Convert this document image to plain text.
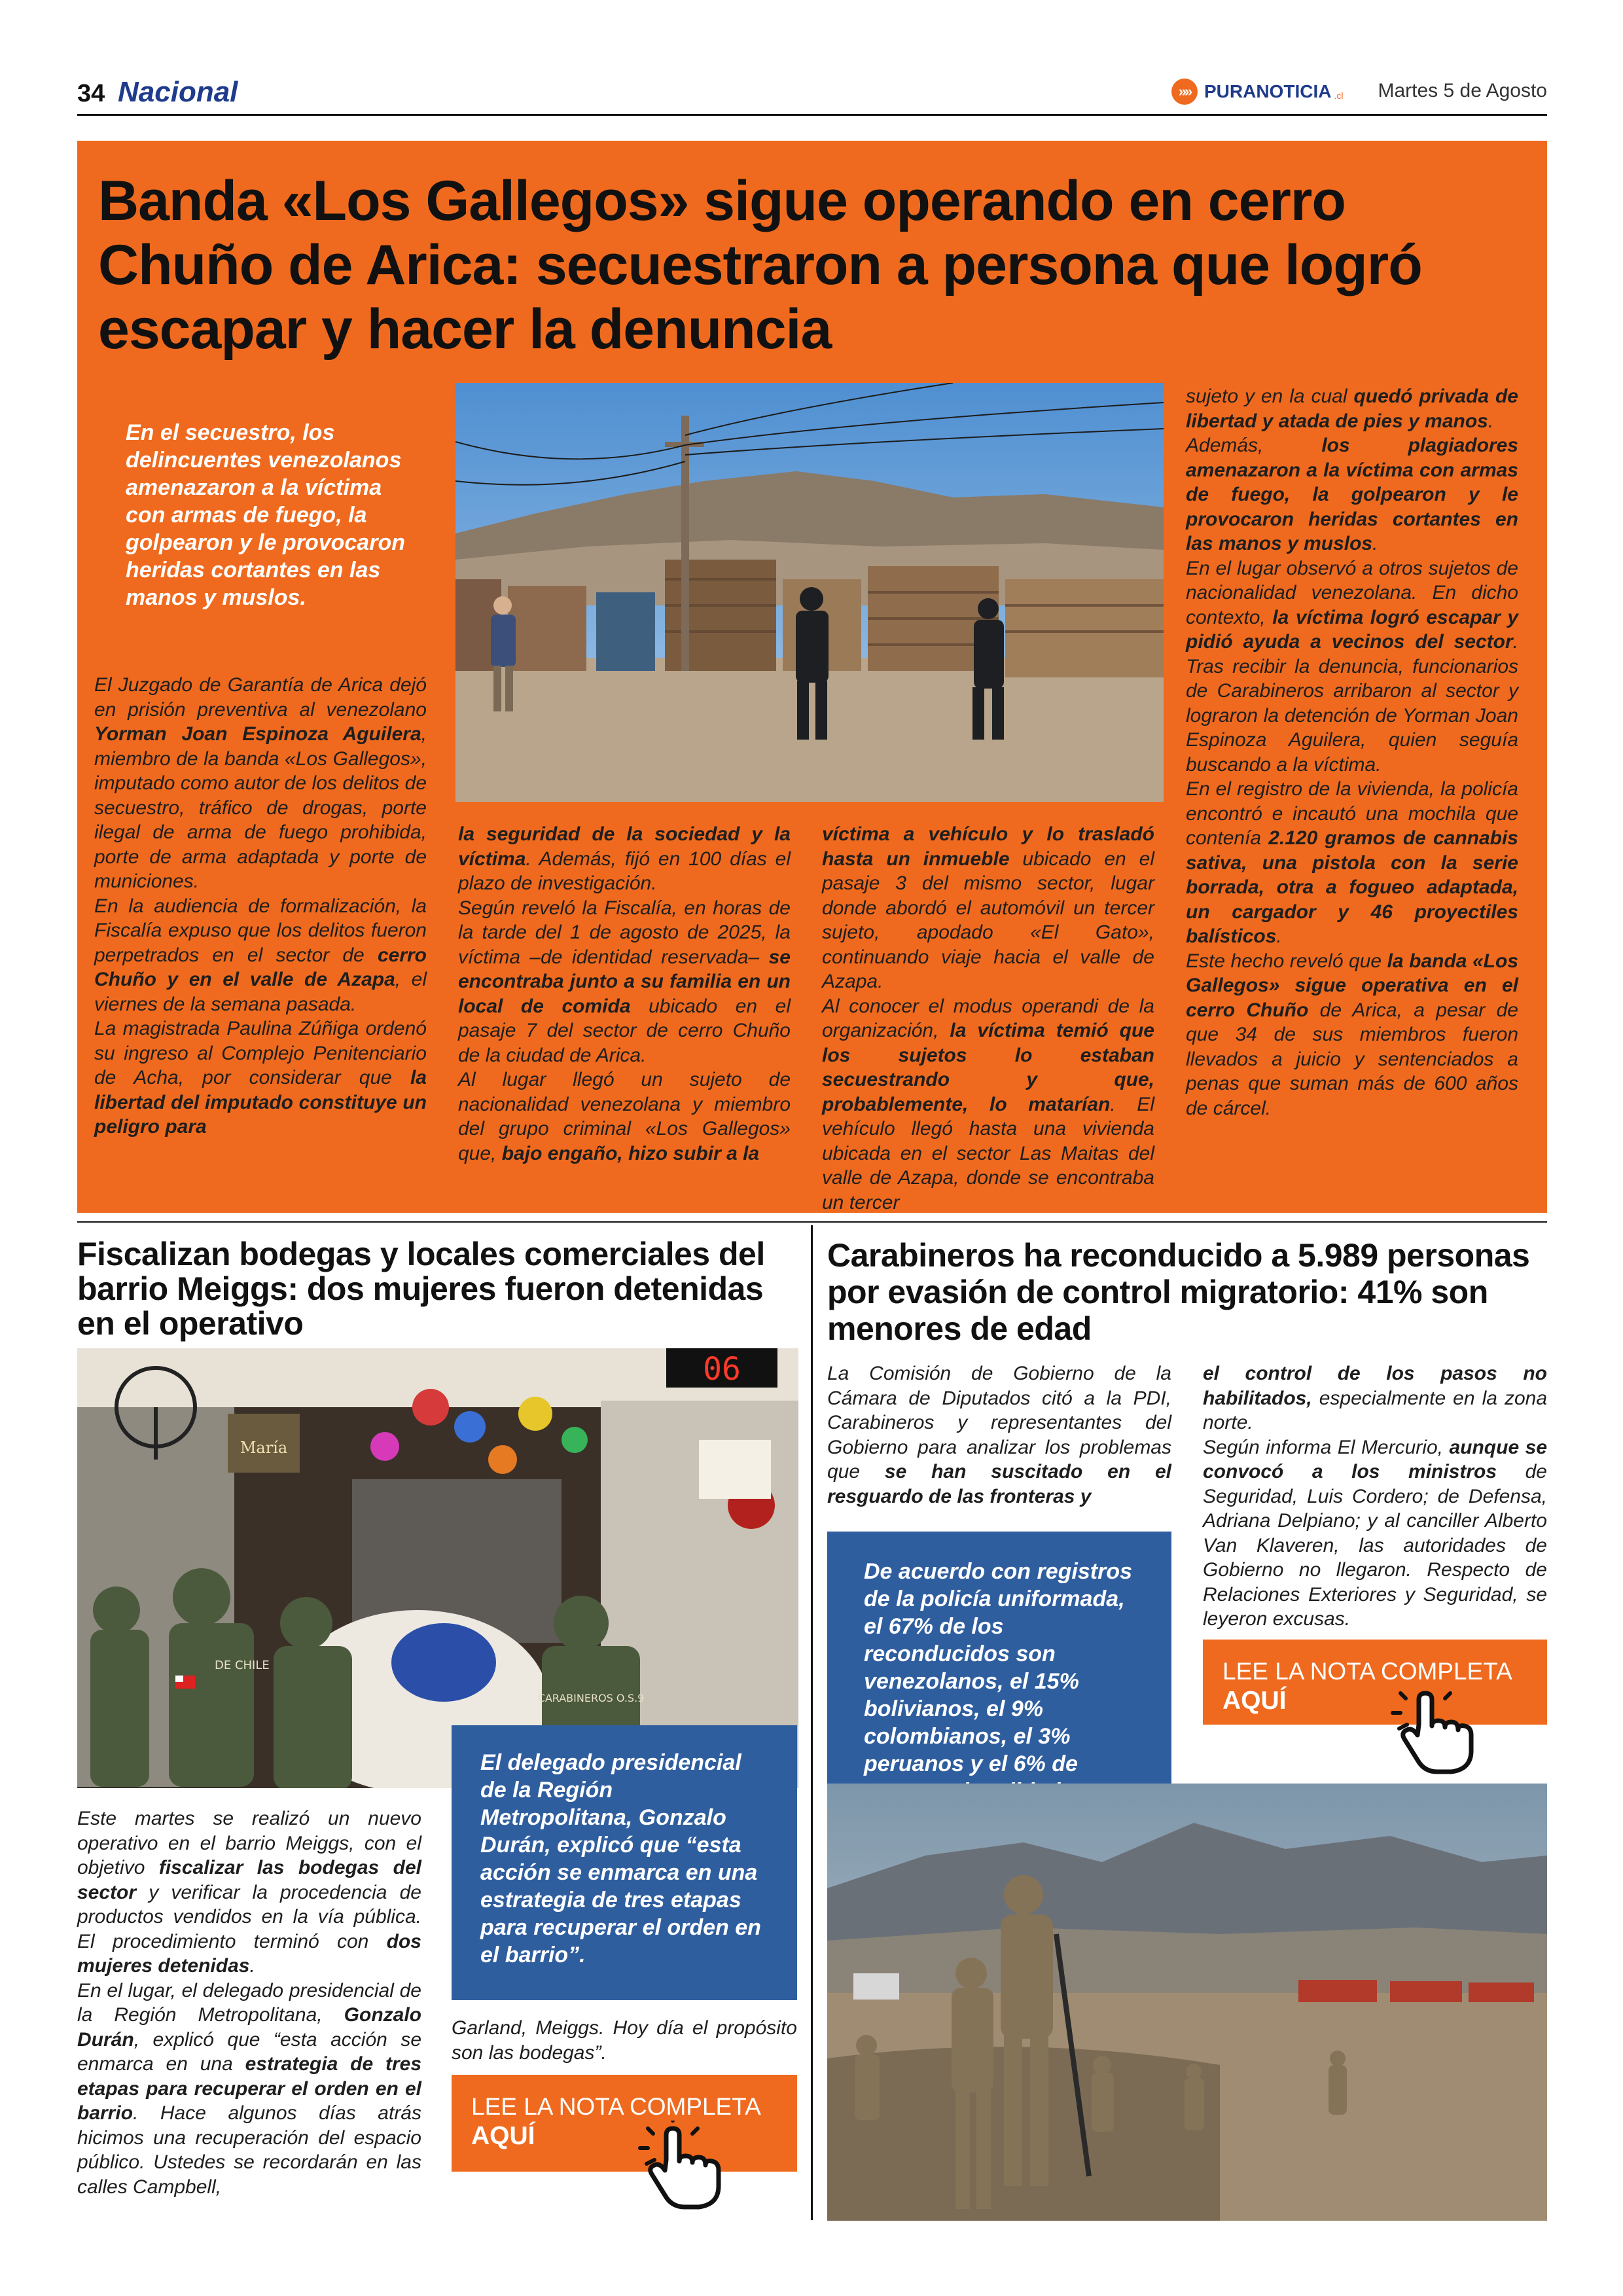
34 Nacional	»» PURANOTICIA .cl Martes 5 de Agosto
Banda «Los Gallegos» sigue operando en cerro Chuño de Arica: secuestraron a persona que logró escapar y hacer la denuncia

En el secuestro, los delincuentes venezolanos amenazaron a la víctima con armas de fuego, la golpearon y le provocaron heridas cortantes en las manos y muslos.

El Juzgado de Garantía de Arica dejó en prisión preventiva al venezolano Yorman Joan Espinoza Aguilera, miembro de la banda «Los Gallegos», imputado como autor de los delitos de secuestro, tráfico de drogas, porte ilegal de arma de fuego prohibida, porte de arma adaptada y porte de municiones.
En la audiencia de formalización, la Fiscalía expuso que los delitos fueron perpetrados en el sector de cerro Chuño y en el valle de Azapa, el viernes de la semana pasada.
La magistrada Paulina Zúñiga ordenó su ingreso al Complejo Penitenciario de Acha, por considerar que la libertad del imputado constituye un peligro para
la seguridad de la sociedad y la víctima. Además, fijó en 100 días el plazo de investigación.
Según reveló la Fiscalía, en horas de la tarde del 1 de agosto de 2025, la víctima –de identidad reservada– se encontraba junto a su familia en un local de comida ubicado en el pasaje 7 del sector de cerro Chuño de la ciudad de Arica.
Al lugar llegó un sujeto de nacionalidad venezolana y miembro del grupo criminal «Los Gallegos» que, bajo engaño, hizo subir a la
víctima a vehículo y lo trasladó hasta un inmueble ubicado en el pasaje 3 del mismo sector, lugar donde abordó el automóvil un tercer sujeto, apodado «El Gato», continuando viaje hacia el valle de Azapa.
Al conocer el modus operandi de la organización, la víctima temió que los sujetos lo estaban secuestrando y que, probablemente, lo matarían. El vehículo llegó hasta una vivienda ubicada en el sector Las Maitas del valle de Azapa, donde se encontraba un tercer
sujeto y en la cual quedó privada de libertad y atada de pies y manos.
Además, los plagiadores amenazaron a la víctima con armas de fuego, la golpearon y le provocaron heridas cortantes en las manos y muslos.
En el lugar observó a otros sujetos de nacionalidad venezolana. En dicho contexto, la víctima logró escapar y pidió ayuda a vecinos del sector. Tras recibir la denuncia, funcionarios de Carabineros arribaron al sector y lograron la detención de Yorman Joan Espinoza Aguilera, quien seguía buscando a la víctima.
En el registro de la vivienda, la policía encontró e incautó una mochila que contenía 2.120 gramos de cannabis sativa, una pistola con la serie borrada, otra a fogueo adaptada, un cargador y 46 proyectiles balísticos.
Este hecho reveló que la banda «Los Gallegos» sigue operativa en el cerro Chuño de Arica, a pesar de que 34 de sus miembros fueron llevados a juicio y sentenciados a penas que suman más de 600 años de cárcel.
Fiscalizan bodegas y locales comerciales del barrio Meiggs: dos mujeres fueron detenidas en el operativo
María
06
DE CHILE
CARABINEROS O.S.9
Este martes se realizó un nuevo operativo en el barrio Meiggs, con el objetivo fiscalizar las bodegas del sector y verificar la procedencia de productos vendidos en la vía pública. El procedimiento terminó con dos mujeres detenidas.
En el lugar, el delegado presidencial de la Región Metropolitana, Gonzalo Durán, explicó que “esta acción se enmarca en una estrategia de tres etapas para recuperar el orden en el barrio. Hace algunos días atrás hicimos una recuperación del espacio público. Ustedes se recordarán en las calles Campbell,
El delegado presidencial de la Región Metropolitana, Gonzalo Durán, explicó que “esta acción se enmarca en una estrategia de tres etapas para recuperar el orden en el barrio”.
Garland, Meiggs. Hoy día el propósito son las bodegas”.
LEE LA NOTA COMPLETA
AQUÍ
Carabineros ha reconducido a 5.989 personas por evasión de control migratorio: 41% son menores de edad
La Comisión de Gobierno de la Cámara de Diputados citó a la PDI, Carabineros y representantes del Gobierno para analizar los problemas que se han suscitado en el resguardo de las fronteras y
De acuerdo con registros de la policía uniformada, el 67% de los reconducidos son venezolanos, el 15% bolivianos, el 9% colombianos, el 3% peruanos y el 6% de
el control de los pasos no habilitados, especialmente en la zona norte.
Según informa El Mercurio, aunque se convocó a los ministros de Seguridad, Luis Cordero; de Defensa, Adriana Delpiano; y al canciller Alberto Van Klaveren, las autoridades de Gobierno no llegaron. Respecto de Relaciones Exteriores y Seguridad, se leyeron excusas.
LEE LA NOTA COMPLETA
AQUÍ
